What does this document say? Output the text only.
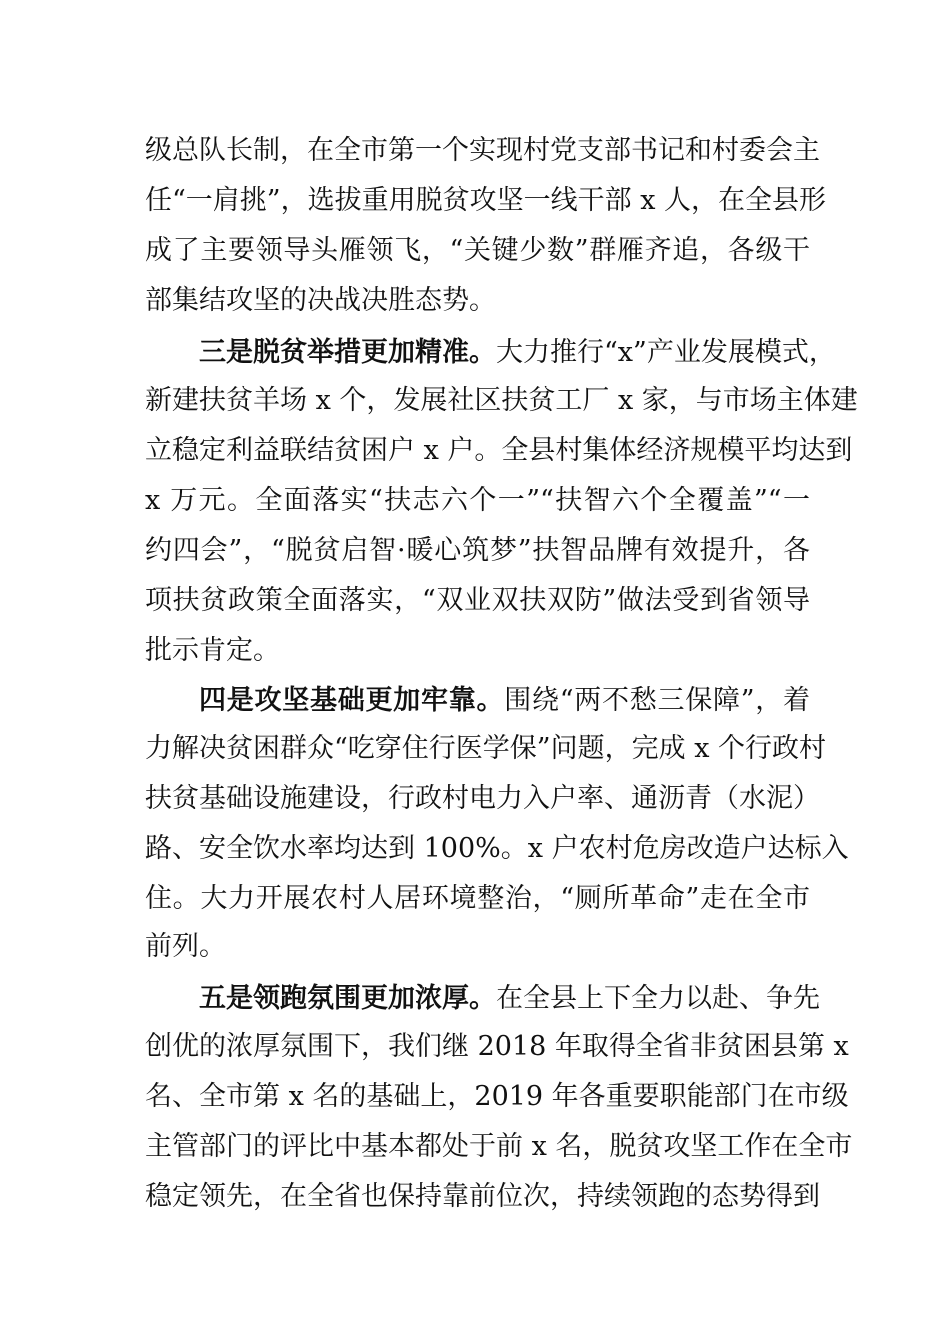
级总队长制，在全市第一个实现村党支部书记和村委会主
任“一肩挑”，选拔重用脱贫攻坚一线干部 x 人，在全县形
成了主要领导头雁领飞，“关键少数”群雁齐追，各级干
部集结攻坚的决战决胜态势。
三是脱贫举措更加精准。大力推行“x”产业发展模式，
新建扶贫羊场 x 个，发展社区扶贫工厂 x 家，与市场主体建
立稳定利益联结贫困户 x 户。全县村集体经济规模平均达到
x 万元。全面落实“扶志六个一”“扶智六个全覆盖”“一
约四会”，“脱贫启智·暖心筑梦”扶智品牌有效提升，各
项扶贫政策全面落实，“双业双扶双防”做法受到省领导
批示肯定。
四是攻坚基础更加牢靠。围绕“两不愁三保障”，着
力解决贫困群众“吃穿住行医学保”问题，完成 x 个行政村
扶贫基础设施建设，行政村电力入户率、通沥青（水泥）
路、安全饮水率均达到 100%。x 户农村危房改造户达标入
住。大力开展农村人居环境整治，“厕所革命”走在全市
前列。
五是领跑氛围更加浓厚。在全县上下全力以赴、争先
创优的浓厚氛围下，我们继 2018 年取得全省非贫困县第 x
名、全市第 x 名的基础上，2019 年各重要职能部门在市级
主管部门的评比中基本都处于前 x 名，脱贫攻坚工作在全市
稳定领先，在全省也保持靠前位次，持续领跑的态势得到
